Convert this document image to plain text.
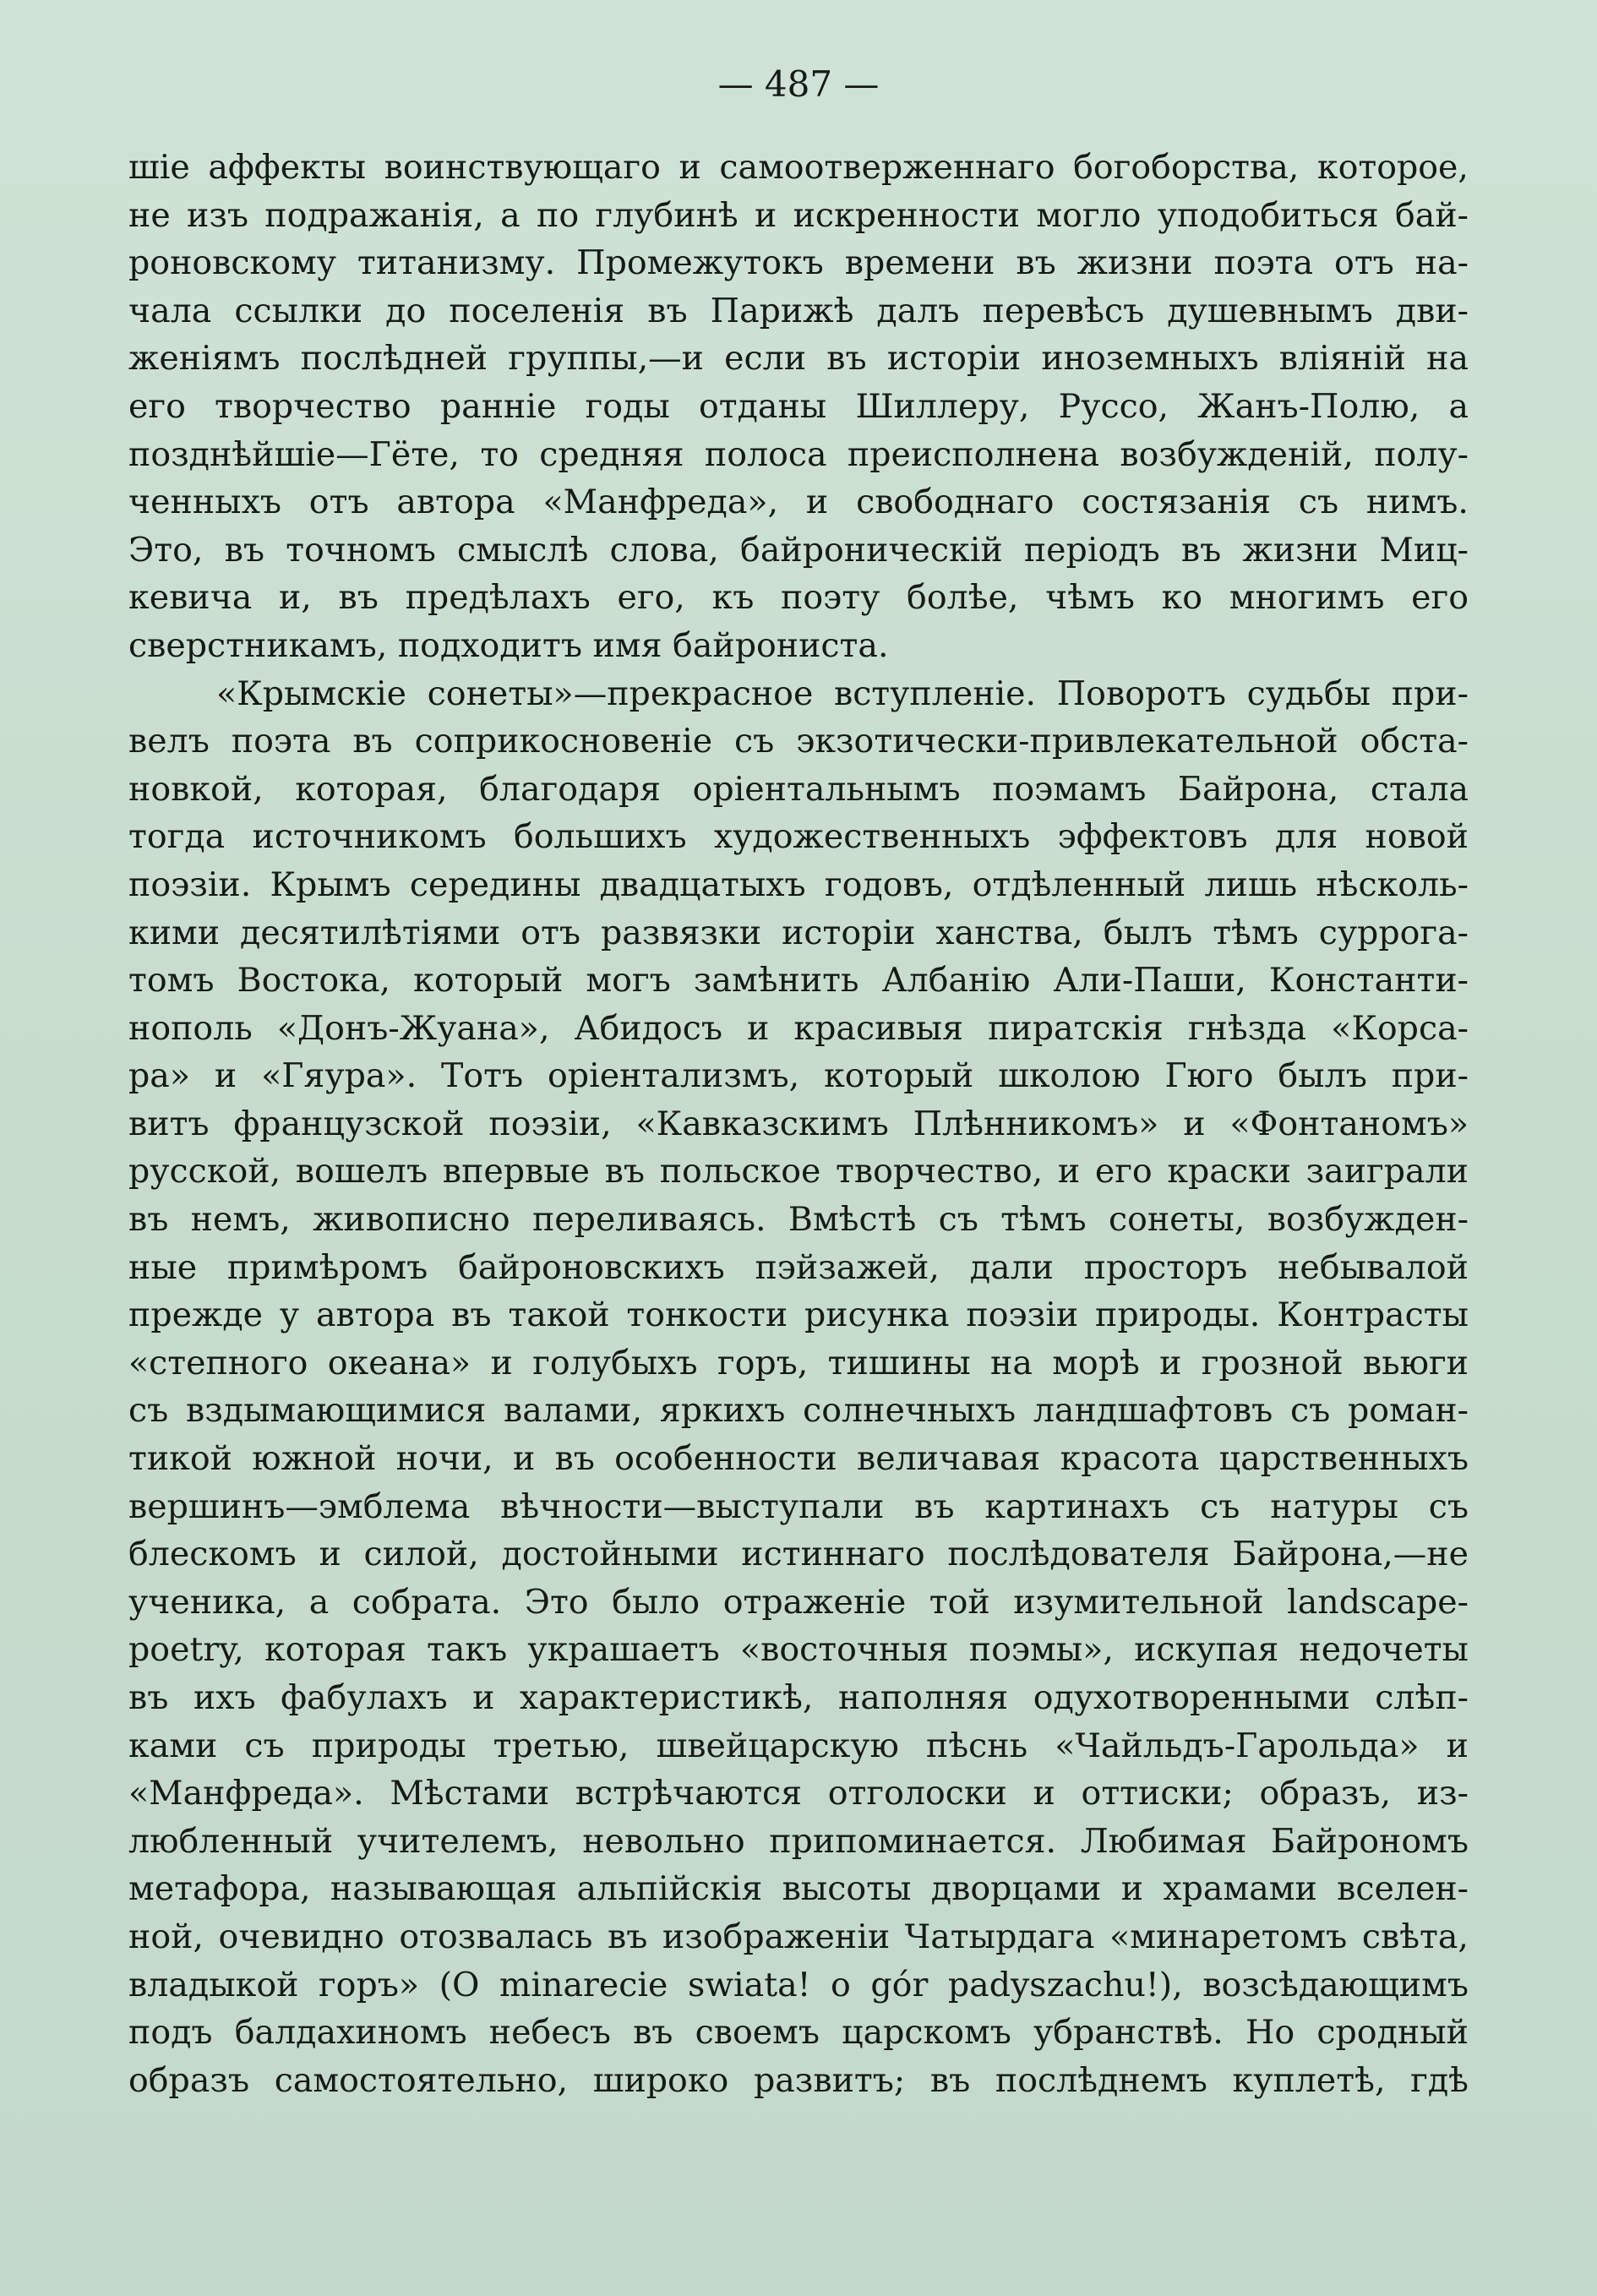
— 487 —
шіе аффекты воинствующаго и самоотверженнаго богоборства, которое,
не изъ подражанія, а по глубинѣ и искренности могло уподобиться бай-
роновскому титанизму. Промежутокъ времени въ жизни поэта отъ на-
чала ссылки до поселенія въ Парижѣ далъ перевѣсъ душевнымъ дви-
женіямъ послѣдней группы,—и если въ исторіи иноземныхъ вліяній на
его творчество ранніе годы отданы Шиллеру, Руссо, Жанъ-Полю, а
позднѣйшіе—Гёте, то средняя полоса преисполнена возбужденій, полу-
ченныхъ отъ автора «Манфреда», и свободнаго состязанія съ нимъ.
Это, въ точномъ смыслѣ слова, байроническій періодъ въ жизни Миц-
кевича и, въ предѣлахъ его, къ поэту болѣе, чѣмъ ко многимъ его
сверстникамъ, подходитъ имя байрониста.
«Крымскіе сонеты»—прекрасное вступленіе. Поворотъ судьбы при-
велъ поэта въ соприкосновеніе съ экзотически-привлекательной обста-
новкой, которая, благодаря оріентальнымъ поэмамъ Байрона, стала
тогда источникомъ большихъ художественныхъ эффектовъ для новой
поэзіи. Крымъ середины двадцатыхъ годовъ, отдѣленный лишь нѣсколь-
кими десятилѣтіями отъ развязки исторіи ханства, былъ тѣмъ суррога-
томъ Востока, который могъ замѣнить Албанію Али-Паши, Константи-
нополь «Донъ-Жуана», Абидосъ и красивыя пиратскія гнѣзда «Корса-
ра» и «Гяура». Тотъ оріентализмъ, который школою Гюго былъ при-
витъ французской поэзіи, «Кавказскимъ Плѣнникомъ» и «Фонтаномъ»
русской, вошелъ впервые въ польское творчество, и его краски заиграли
въ немъ, живописно переливаясь. Вмѣстѣ съ тѣмъ сонеты, возбужден-
ные примѣромъ байроновскихъ пэйзажей, дали просторъ небывалой
прежде у автора въ такой тонкости рисунка поэзіи природы. Контрасты
«степного океана» и голубыхъ горъ, тишины на морѣ и грозной вьюги
съ вздымающимися валами, яркихъ солнечныхъ ландшафтовъ съ роман-
тикой южной ночи, и въ особенности величавая красота царственныхъ
вершинъ—эмблема вѣчности—выступали въ картинахъ съ натуры съ
блескомъ и силой, достойными истиннаго послѣдователя Байрона,—не
ученика, а собрата. Это было отраженіе той изумительной landscape-
poetry, которая такъ украшаетъ «восточныя поэмы», искупая недочеты
въ ихъ фабулахъ и характеристикѣ, наполняя одухотворенными слѣп-
ками съ природы третью, швейцарскую пѣснь «Чайльдъ-Гарольда» и
«Манфреда». Мѣстами встрѣчаются отголоски и оттиски; образъ, из-
любленный учителемъ, невольно припоминается. Любимая Байрономъ
метафора, называющая альпійскія высоты дворцами и храмами вселен-
ной, очевидно отозвалась въ изображеніи Чатырдага «минаретомъ свѣта,
владыкой горъ» (O minarecie swiata! o gór padyszachu!), возсѣдающимъ
подъ балдахиномъ небесъ въ своемъ царскомъ убранствѣ. Но сродный
образъ самостоятельно, широко развитъ; въ послѣднемъ куплетѣ, гдѣ
